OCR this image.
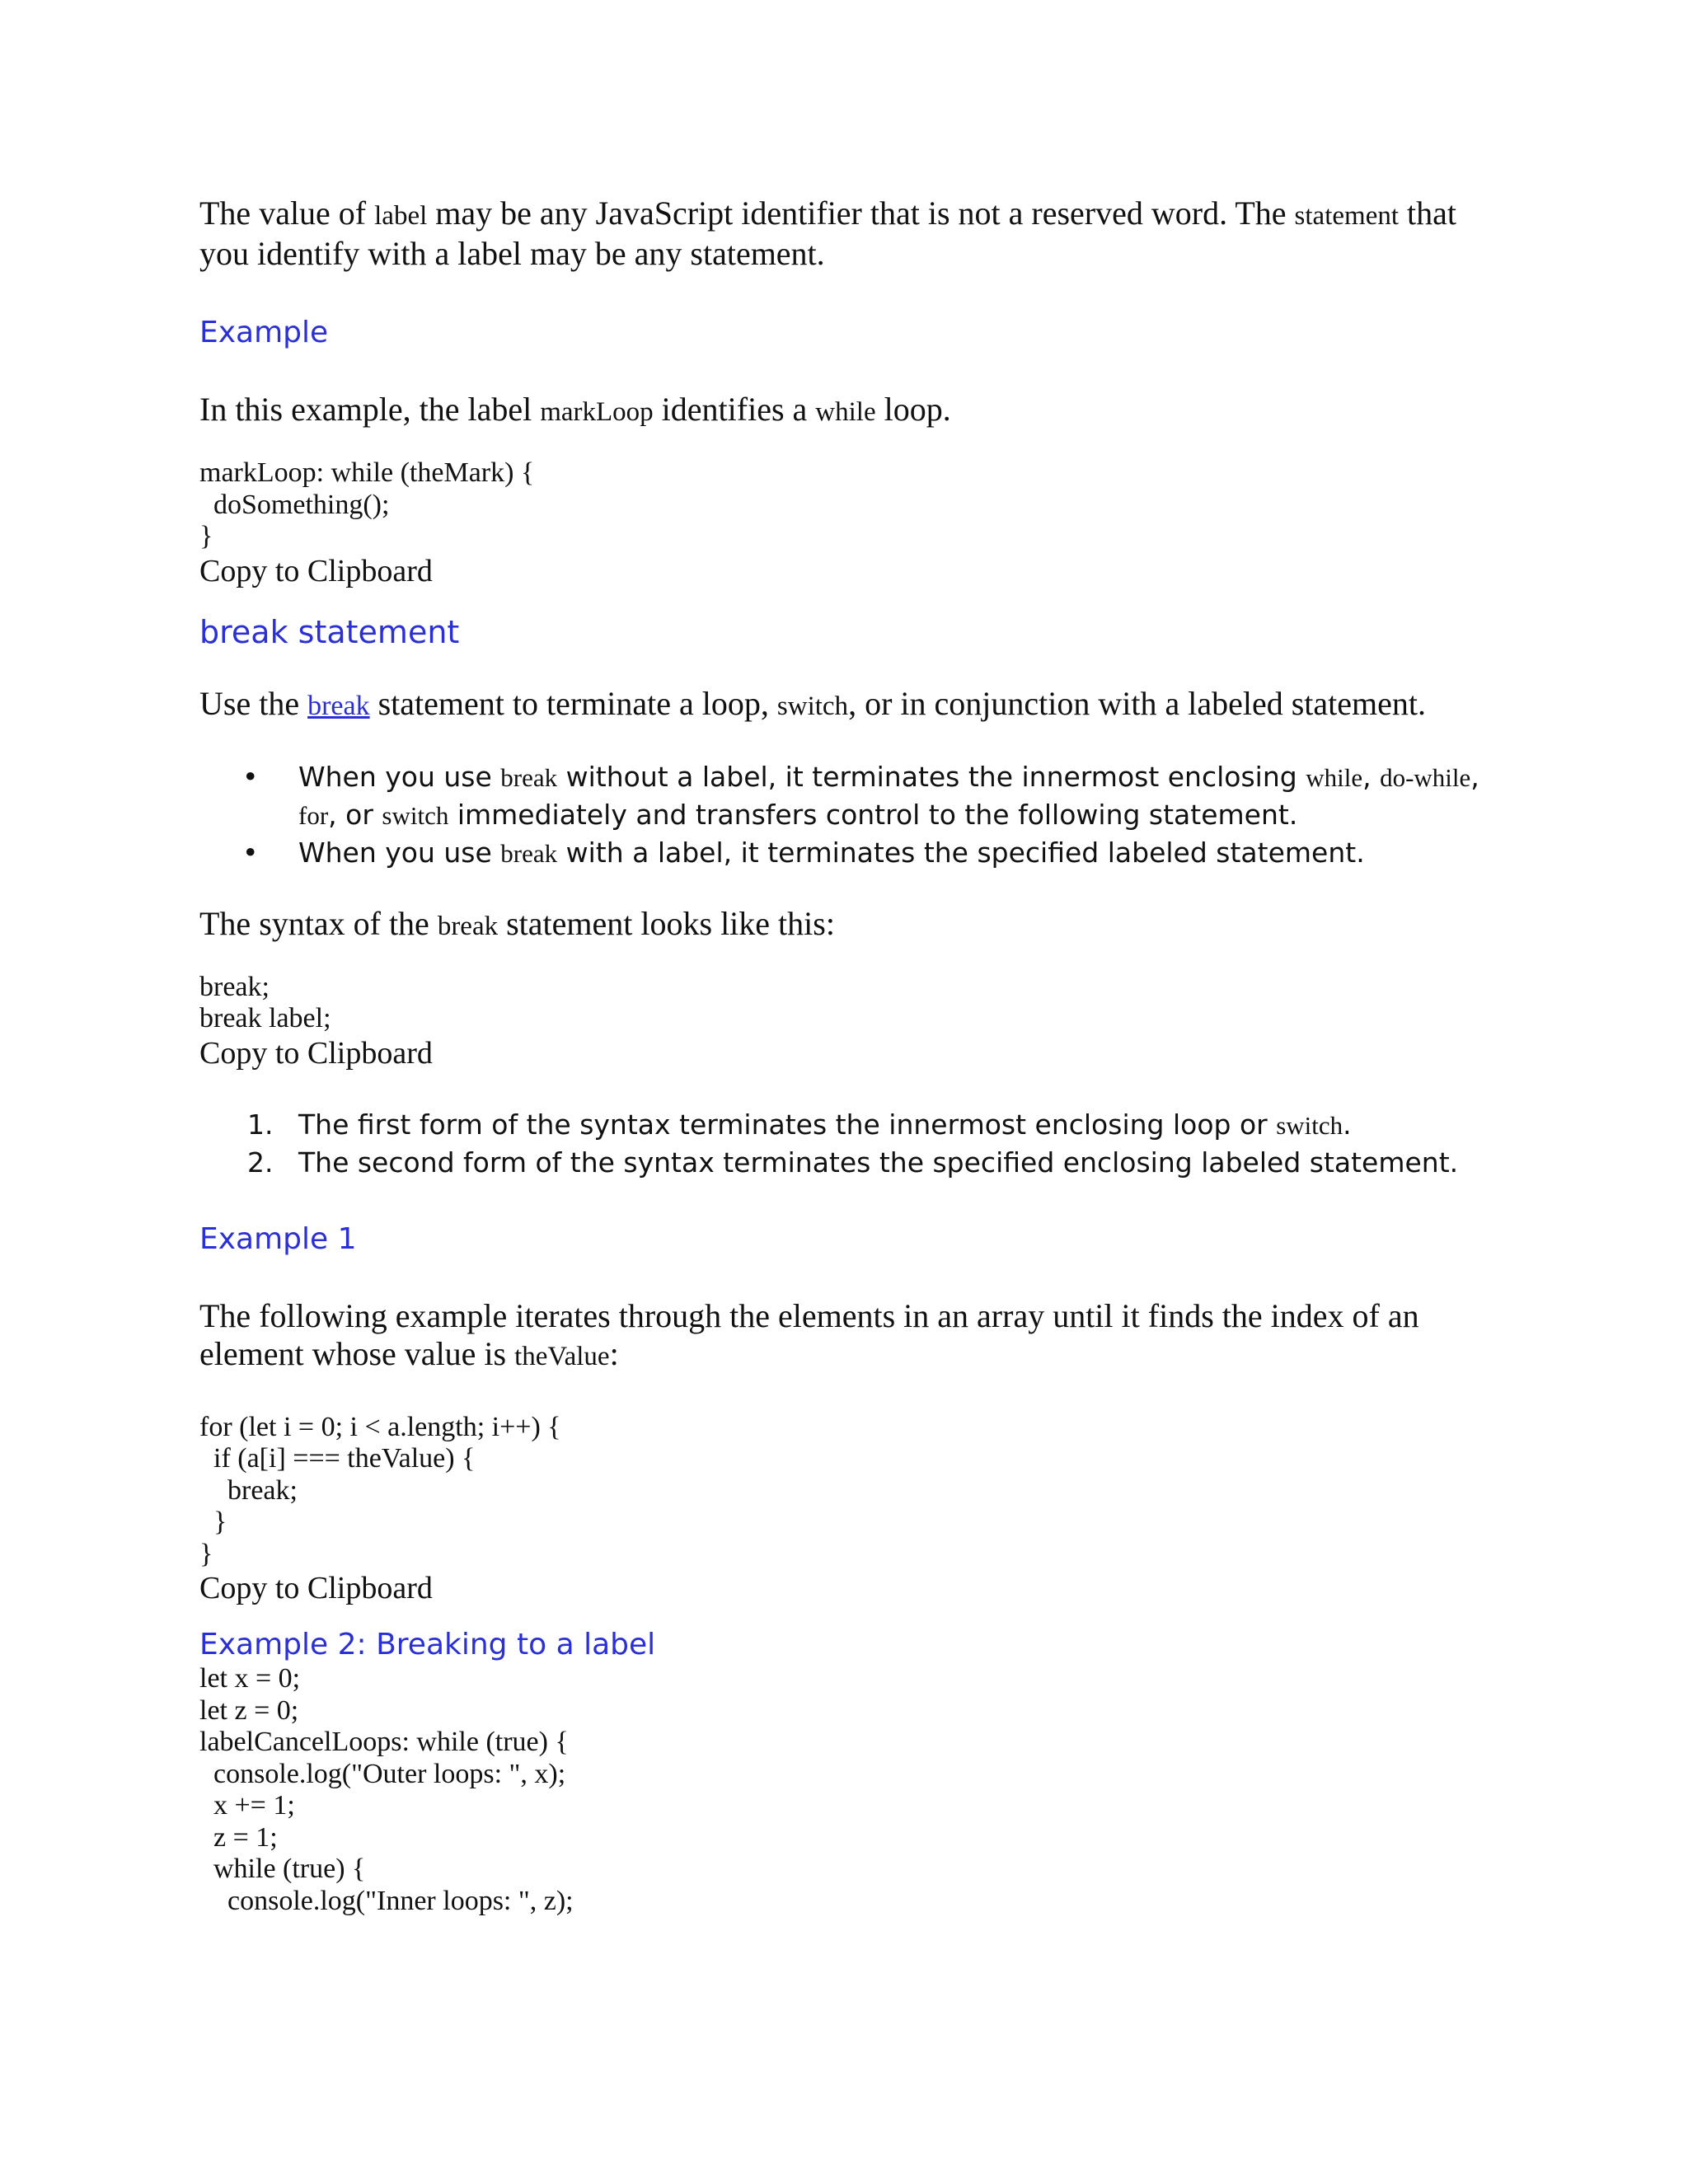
The value of label may be any JavaScript identifier that is not a reserved word. The statement that you identify with a label may be any statement.

Example

In this example, the label markLoop identifies a while loop.

markLoop: while (theMark) {
doSomething();
}

Copy to Clipboard

break statement

Use the break statement to terminate a loop, switch, or in conjunction with a labeled statement.

• When you use break without a label, it terminates the innermost enclosing while, do-while, for, or switch immediately and transfers control to the following statement.
• When you use break with a label, it terminates the specified labeled statement.

The syntax of the break statement looks like this:

break;
break label;

Copy to Clipboard

1. The first form of the syntax terminates the innermost enclosing loop or switch.
2. The second form of the syntax terminates the specified enclosing labeled statement.
Example 1

The following example iterates through the elements in an array until it finds the index of an element whose value is theValue:

for (let i = 0; i < a.length; i++) {
if (a[i] === theValue) {
break;
}
}

Copy to Clipboard

Example 2: Breaking to a label
let x = 0;
let z = 0;
labelCancelLoops: while (true) {
console.log("Outer loops: ", x);
x += 1;
z = 1;
while (true) {
console.log("Inner loops: ", z);
